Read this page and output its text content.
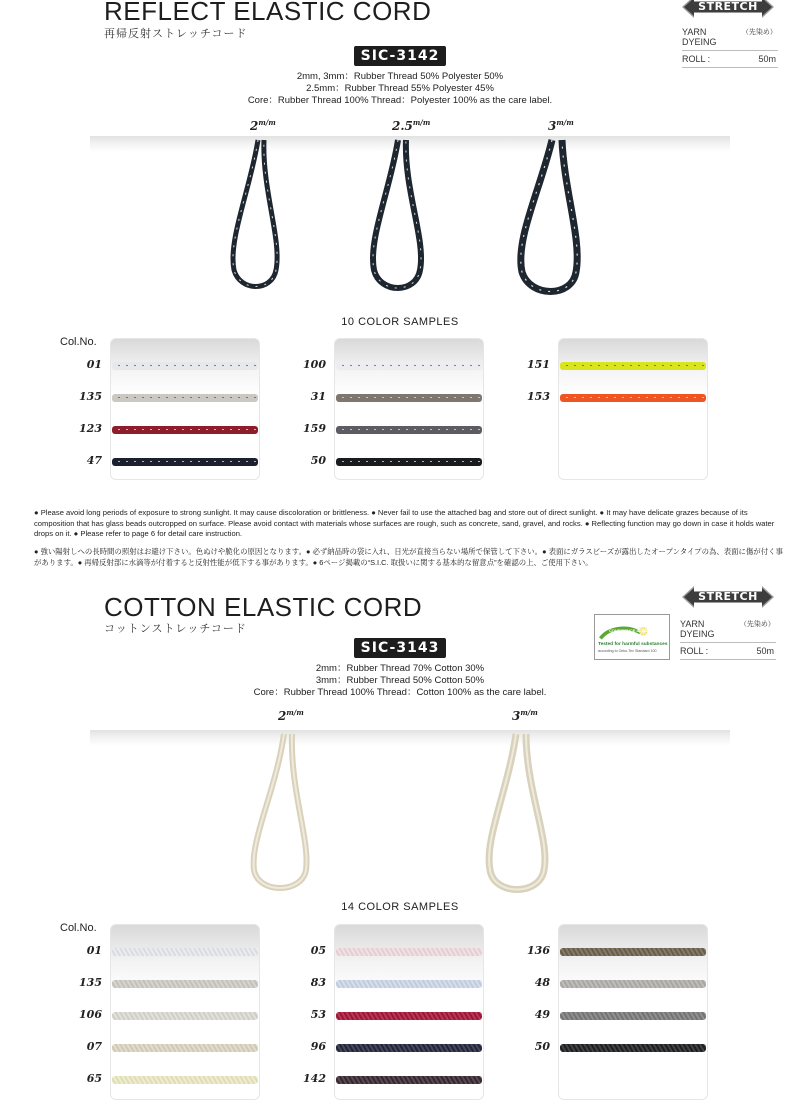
REFLECT ELASTIC CORD
再帰反射ストレッチコード
STRETCH
YARN DYEING
（先染め）
ROLL :	50m
SIC-3142
2mm, 3mm：Rubber Thread 50% Polyester 50%
2.5mm：Rubber Thread 55% Polyester 45%
Core：Rubber Thread 100% Thread：Polyester 100% as the care label.
$2^{m/m}$	$2.5^{m/m}$	$3^{m/m}$
10 COLOR SAMPLES
Col.No.
01
135
123
47
100
31
159
50
151
153
● Please avoid long periods of exposure to strong sunlight. It may cause discoloration or brittleness. ● Never fail to use the attached bag and store out of direct sunlight. ● It may have delicate grazes because of its composition that has glass beads outcropped on surface. Please avoid contact with materials whose surfaces are rough, such as concrete, sand, gravel, and rocks. ● Reflecting function may go down in case it holds water drops on it. ● Please refer to page 6 for detail care instruction.
● 強い陽射しへの長時間の照射はお避け下さい。色ぬけや脆化の原因となります。● 必ず納品時の袋に入れ、日光が直接当らない場所で保管して下さい。● 表面にガラスビーズが露出したオープンタイプの為、表面に傷が付く事があります。● 再帰反射部に水滴等が付着すると反射性能が低下する事があります。● 6ページ掲載の“S.I.C. 取扱いに関する基本的な留意点”を確認の上、ご使用下さい。
COTTON ELASTIC CORD
コットンストレッチコード
STRETCH
YARN DYEING
（先染め）
ROLL :	50m
CONFIDENCE IN TEXTILES
Tested for harmful substances
according to Oeko-Tex Standard 100
SIC-3143
2mm：Rubber Thread 70% Cotton 30%
3mm：Rubber Thread 50% Cotton 50%
Core：Rubber Thread 100% Thread：Cotton 100% as the care label.
$2^{m/m}$	$3^{m/m}$
14 COLOR SAMPLES
Col.No.
01
135
106
07
65
05
83
53
96
142
136
48
49
50
